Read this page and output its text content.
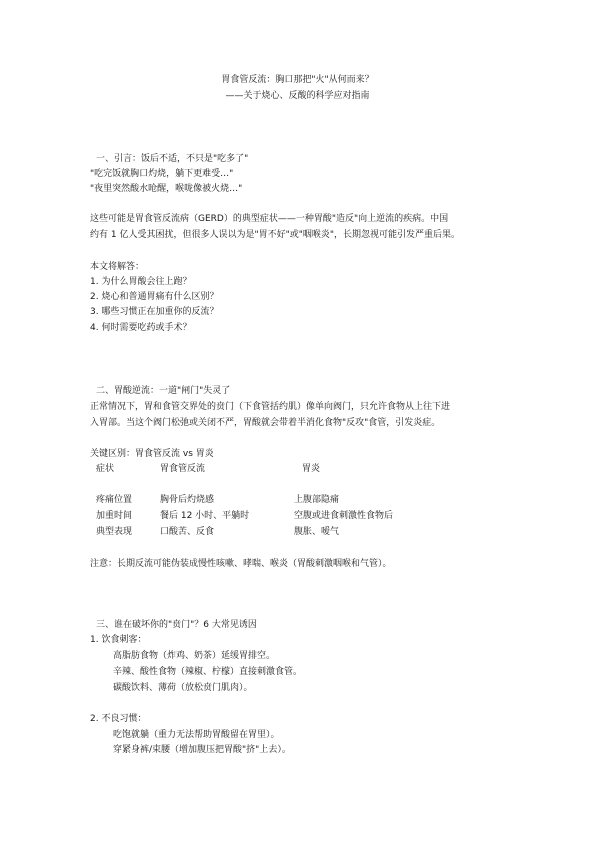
胃食管反流：胸口那把"火"从何而来？
——关于烧心、反酸的科学应对指南
一、引言：饭后不适，不只是"吃多了"
"吃完饭就胸口灼烧，躺下更难受…"
"夜里突然酸水呛醒，喉咙像被火烧…"
这些可能是胃食管反流病（GERD）的典型症状——一种胃酸"造反"向上逆流的疾病。中国
约有 1 亿人受其困扰，但很多人误以为是"胃不好"或"咽喉炎"，长期忽视可能引发严重后果。
本文将解答：
1. 为什么胃酸会往上跑？
2. 烧心和普通胃痛有什么区别？
3. 哪些习惯正在加重你的反流？
4. 何时需要吃药或手术？
二、胃酸逆流：一道"闸门"失灵了
正常情况下，胃和食管交界处的贲门（下食管括约肌）像单向阀门，只允许食物从上往下进
入胃部。当这个阀门松弛或关闭不严，胃酸就会带着半消化食物"反攻"食管，引发炎症。
关键区别：胃食管反流 vs 胃炎
症状	胃食管反流	胃炎
疼痛位置	胸骨后灼烧感	上腹部隐痛
加重时间	餐后 12 小时、平躺时	空腹或进食刺激性食物后
典型表现	口酸苦、反食	腹胀、嗳气
注意：长期反流可能伪装成慢性咳嗽、哮喘、喉炎（胃酸刺激咽喉和气管）。
三、谁在破坏你的"贲门"？6 大常见诱因
1. 饮食刺客：
高脂肪食物（炸鸡、奶茶）延缓胃排空。
辛辣、酸性食物（辣椒、柠檬）直接刺激食管。
碳酸饮料、薄荷（放松贲门肌肉）。
2. 不良习惯：
吃饱就躺（重力无法帮助胃酸留在胃里）。
穿紧身裤/束腰（增加腹压把胃酸"挤"上去）。
